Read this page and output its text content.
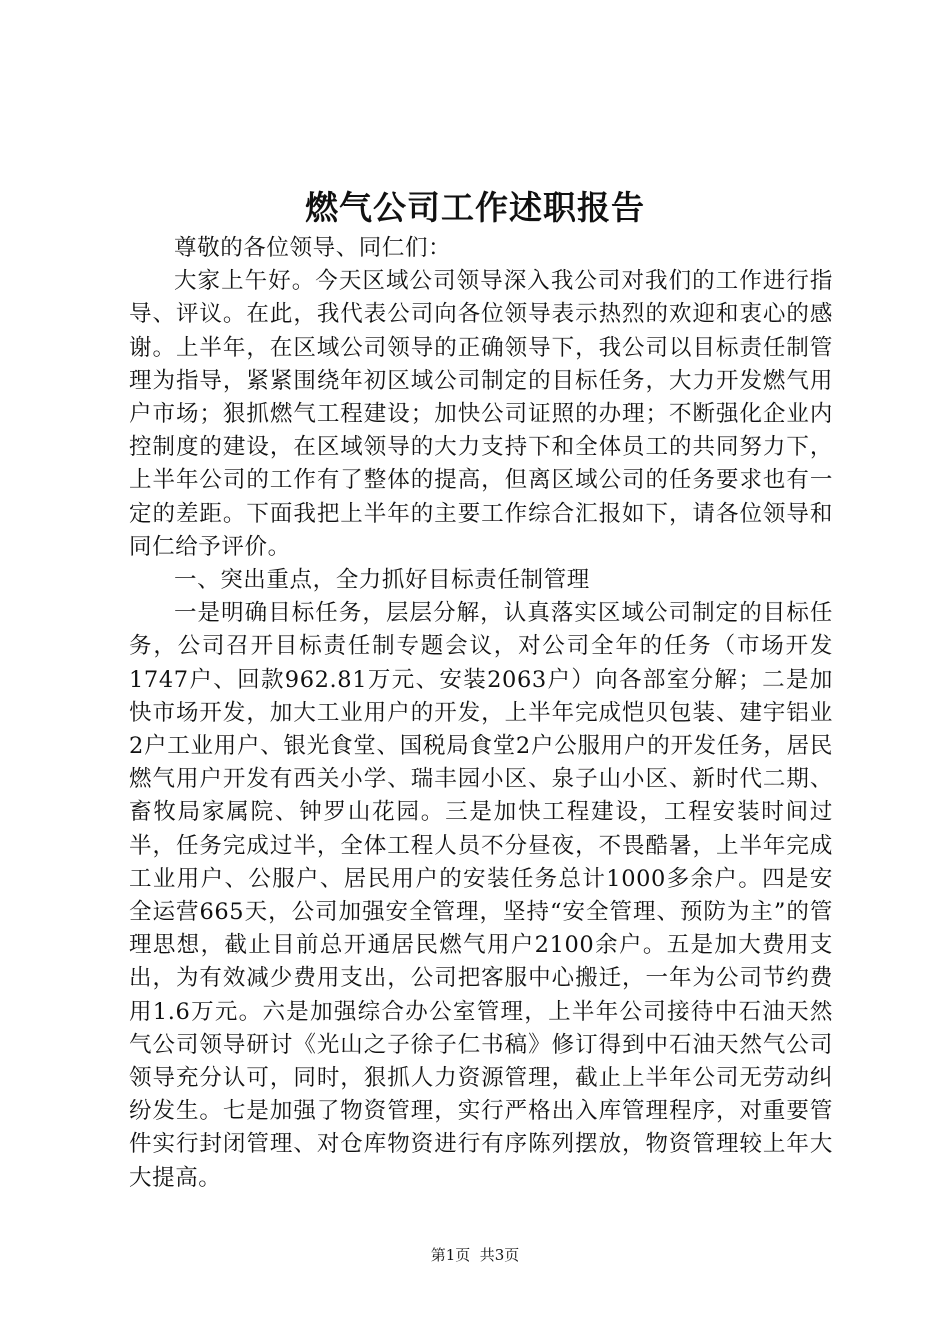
燃气公司工作述职报告

尊敬的各位领导、同仁们：

大家上午好。今天区域公司领导深入我公司对我们的工作进行指导、评议。在此，我代表公司向各位领导表示热烈的欢迎和衷心的感谢。上半年，在区域公司领导的正确领导下，我公司以目标责任制管理为指导，紧紧围绕年初区域公司制定的目标任务，大力开发燃气用户市场；狠抓燃气工程建设；加快公司证照的办理；不断强化企业内控制度的建设，在区域领导的大力支持下和全体员工的共同努力下，上半年公司的工作有了整体的提高，但离区域公司的任务要求也有一定的差距。下面我把上半年的主要工作综合汇报如下，请各位领导和同仁给予评价。

一、突出重点，全力抓好目标责任制管理

一是明确目标任务，层层分解，认真落实区域公司制定的目标任务，公司召开目标责任制专题会议，对公司全年的任务（市场开发1747户、回款962.81万元、安装2063户）向各部室分解；二是加快市场开发，加大工业用户的开发，上半年完成恺贝包装、建宇铝业2户工业用户、银光食堂、国税局食堂2户公服用户的开发任务，居民燃气用户开发有西关小学、瑞丰园小区、泉子山小区、新时代二期、畜牧局家属院、钟罗山花园。三是加快工程建设，工程安装时间过半，任务完成过半，全体工程人员不分昼夜，不畏酷暑，上半年完成工业用户、公服户、居民用户的安装任务总计1000多余户。四是安全运营665天，公司加强安全管理，坚持“安全管理、预防为主”的管理思想，截止目前总开通居民燃气用户2100余户。五是加大费用支出，为有效减少费用支出，公司把客服中心搬迁，一年为公司节约费用1.6万元。六是加强综合办公室管理，上半年公司接待中石油天然气公司领导研讨《光山之子徐子仁书稿》修订得到中石油天然气公司领导充分认可，同时，狠抓人力资源管理，截止上半年公司无劳动纠纷发生。七是加强了物资管理，实行严格出入库管理程序，对重要管件实行封闭管理、对仓库物资进行有序陈列摆放，物资管理较上年大大提高。

第1页  共3页
